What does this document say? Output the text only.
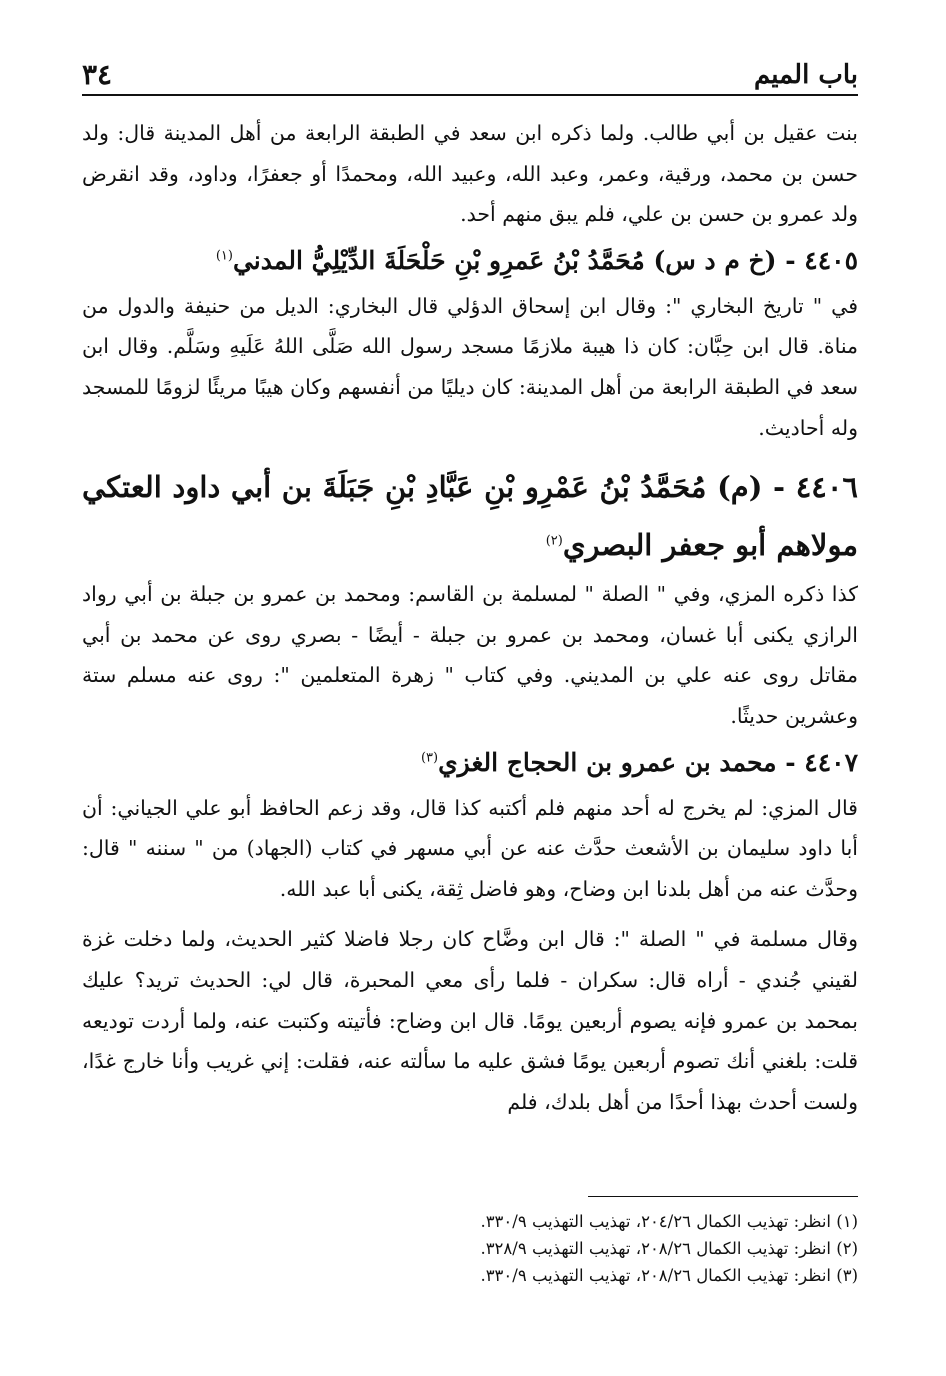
باب الميم
٣٤

بنت عقيل بن أبي طالب. ولما ذكره ابن سعد في الطبقة الرابعة من أهل المدينة قال: ولد حسن بن محمد، ورقية، وعمر، وعبد الله، وعبيد الله، ومحمدًا أو جعفرًا، وداود، وقد انقرض ولد عمرو بن حسن بن علي، فلم يبق منهم أحد.

٤٤٠٥ - (خ م د س) مُحَمَّدُ بْنُ عَمرِو بْنِ حَلْحَلَةَ الدِّيْلِيُّ المدني$^{(١)}$

في " تاريخ البخاري ": وقال ابن إسحاق الدؤلي قال البخاري: الديل من حنيفة والدول من مناة. قال ابن حِبَّان: كان ذا هيبة ملازمًا مسجد رسول الله صَلَّى اللهُ عَلَيهِ وسَلَّم. وقال ابن سعد في الطبقة الرابعة من أهل المدينة: كان ديليًا من أنفسهم وكان هيبًا مريئًا لزومًا للمسجد وله أحاديث.

٤٤٠٦ - (م) مُحَمَّدُ بْنُ عَمْرِو بْنِ عَبَّادِ بْنِ جَبَلَةَ بن أبي داود العتكي مولاهم أبو جعفر البصري$^{(٢)}$

كذا ذكره المزي، وفي " الصلة " لمسلمة بن القاسم: ومحمد بن عمرو بن جبلة بن أبي رواد الرازي يكنى أبا غسان، ومحمد بن عمرو بن جبلة - أيضًا - بصري روى عن محمد بن أبي مقاتل روى عنه علي بن المديني. وفي كتاب " زهرة المتعلمين ": روى عنه مسلم ستة وعشرين حديثًا.

٤٤٠٧ - محمد بن عمرو بن الحجاج الغزي$^{(٣)}$

قال المزي: لم يخرج له أحد منهم فلم أكتبه كذا قال، وقد زعم الحافظ أبو علي الجياني: أن أبا داود سليمان بن الأشعث حدَّث عنه عن أبي مسهر في كتاب (الجهاد) من " سننه " قال: وحدَّث عنه من أهل بلدنا ابن وضاح، وهو فاضل ثِقة، يكنى أبا عبد الله.

وقال مسلمة في " الصلة ": قال ابن وضَّاح كان رجلا فاضلا كثير الحديث، ولما دخلت غزة لقيني جُندي - أراه قال: سكران - فلما رأى معي المحبرة، قال لي: الحديث تريد؟ عليك بمحمد بن عمرو فإنه يصوم أربعين يومًا. قال ابن وضاح: فأتيته وكتبت عنه، ولما أردت توديعه قلت: بلغني أنك تصوم أربعين يومًا فشق عليه ما سألته عنه، فقلت: إني غريب وأنا خارج غدًا، ولست أحدث بهذا أحدًا من أهل بلدك، فلم

(١) انظر: تهذيب الكمال ٢٠٤/٢٦، تهذيب التهذيب ٣٣٠/٩.

(٢) انظر: تهذيب الكمال ٢٠٨/٢٦، تهذيب التهذيب ٣٢٨/٩.

(٣) انظر: تهذيب الكمال ٢٠٨/٢٦، تهذيب التهذيب ٣٣٠/٩.
